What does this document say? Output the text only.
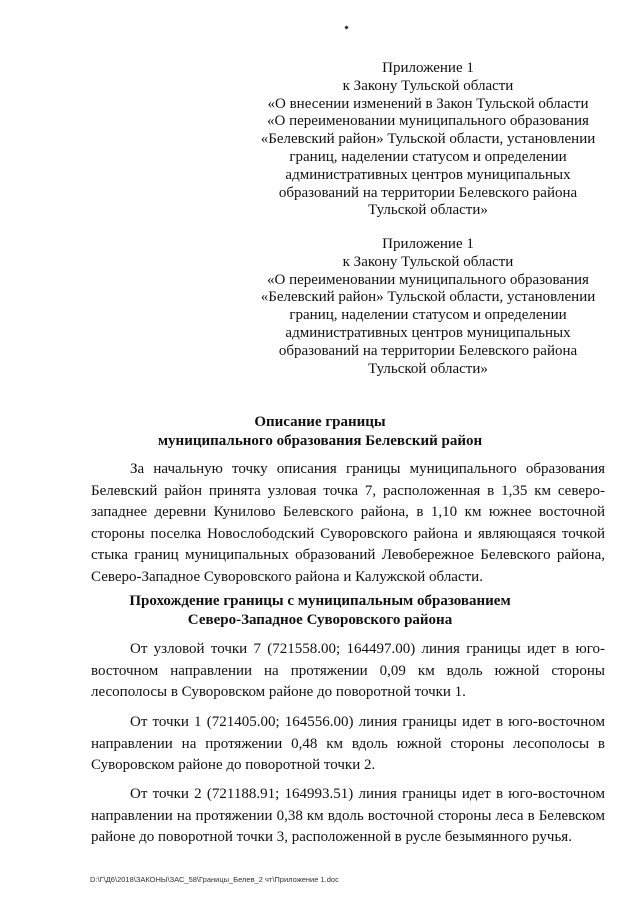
Приложение 1
к Закону Тульской области
«О внесении изменений в Закон Тульской области
«О переименовании муниципального образования
«Белевский район» Тульской области, установлении
границ, наделении статусом и определении
административных центров муниципальных
образований на территории Белевского района
Тульской области»
Приложение 1
к Закону Тульской области
«О переименовании муниципального образования
«Белевский район» Тульской области, установлении
границ, наделении статусом и определении
административных центров муниципальных
образований на территории Белевского района
Тульской области»
Описание границы
муниципального образования Белевский район

За начальную точку описания границы муниципального образования Белевский район принята узловая точка 7, расположенная в 1,35 км северо-западнее деревни Кунилово Белевского района, в 1,10 км южнее восточной стороны поселка Новослободский Суворовского района и являющаяся точкой стыка границ муниципальных образований Левобережное Белевского района, Северо-Западное Суворовского района и Калужской области.

Прохождение границы с муниципальным образованием
Северо-Западное Суворовского района

От узловой точки 7 (721558.00; 164497.00) линия границы идет в юго-восточном направлении на протяжении 0,09 км вдоль южной стороны лесополосы в Суворовском районе до поворотной точки 1.

От точки 1 (721405.00; 164556.00) линия границы идет в юго-восточном направлении на протяжении 0,48 км вдоль южной стороны лесополосы в Суворовском районе до поворотной точки 2.

От точки 2 (721188.91; 164993.51) линия границы идет в юго-восточном направлении на протяжении 0,38 км вдоль восточной стороны леса в Белевском районе до поворотной точки 3, расположенной в русле безымянного ручья.

D:\Г\Д6\2018\ЗАКОНЫ\ЗАС_58\Границы_Белев_2 чт\Приложение 1.doc
